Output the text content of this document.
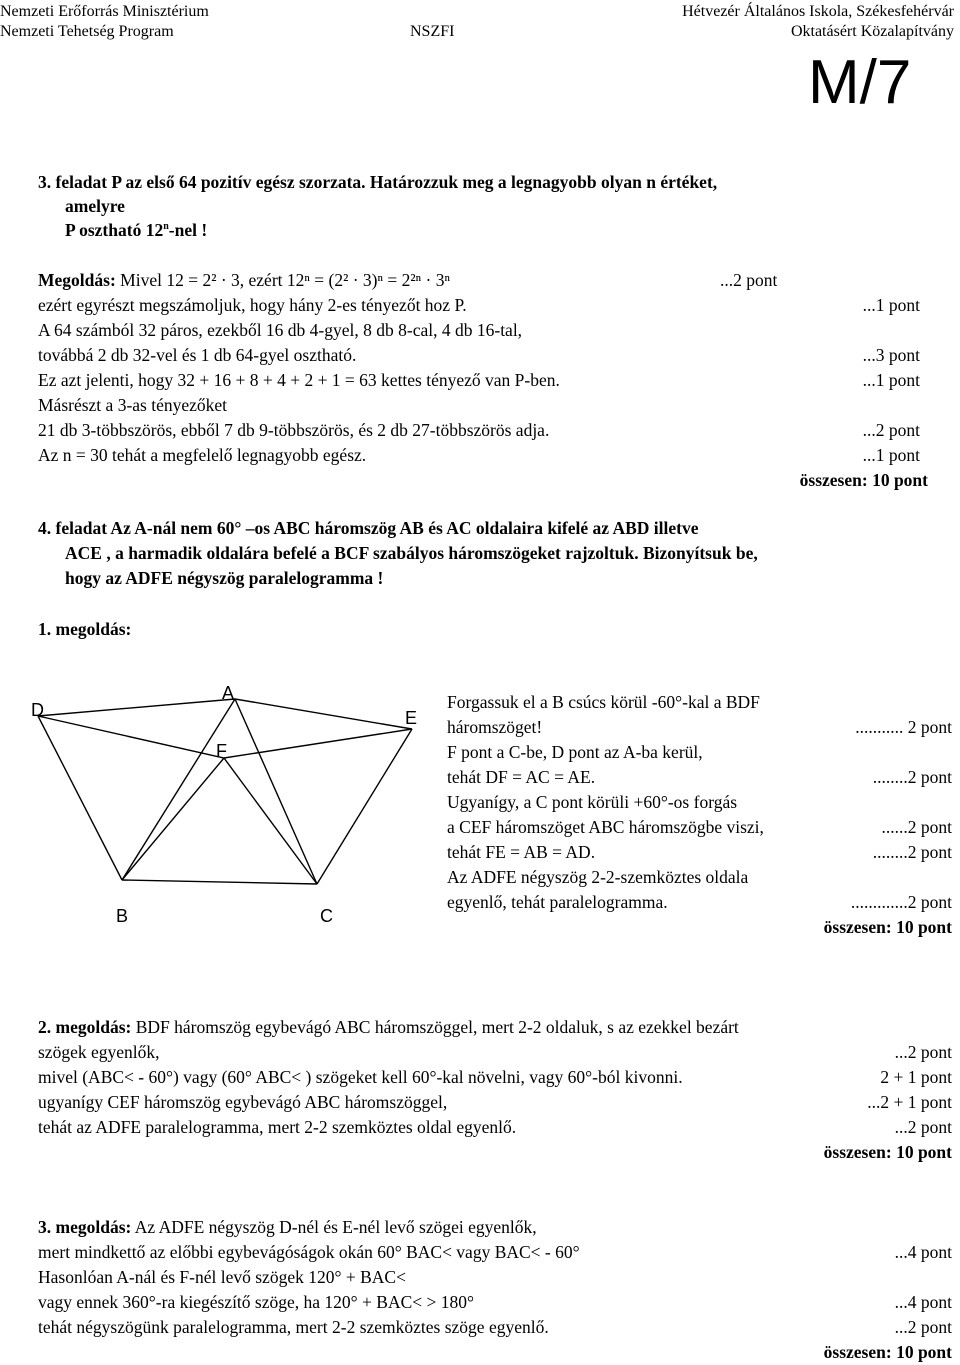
Nemzeti Erőforrás Minisztérium
Nemzeti Tehetség Program	NSZFI
Hétvezér Általános Iskola, Székesfehérvár
Oktatásért Közalapítvány
M/7
3. feladat P az első 64 pozitív egész szorzata. Határozzuk meg a legnagyobb olyan n értéket,
amelyre
P osztható 12$^n$-nel !
Megoldás: Mivel 12 = 2² · 3, ezért 12ⁿ = (2² · 3)ⁿ = 2²ⁿ · 3ⁿ	...2 pont
ezért egyrészt megszámoljuk, hogy hány 2-es tényezőt hoz P.	...1 pont
A 64 számból 32 páros, ezekből 16 db 4-gyel, 8 db 8-cal, 4 db 16-tal,
továbbá 2 db 32-vel és 1 db 64-gyel osztható.	...3 pont
Ez azt jelenti, hogy 32 + 16 + 8 + 4 + 2 + 1 = 63 kettes tényező van P-ben.	...1 pont
Másrészt a 3-as tényezőket
21 db 3-többszörös, ebből 7 db 9-többszörös, és 2 db 27-többszörös adja.	...2 pont
Az n = 30 tehát a megfelelő legnagyobb egész.	...1 pont
összesen: 10 pont
4. feladat Az A-nál nem 60° –os ABC háromszög AB és AC oldalaira kifelé az ABD illetve
ACE , a harmadik oldalára befelé a BCF szabályos háromszögeket rajzoltuk. Bizonyítsuk be,
hogy az ADFE négyszög paralelogramma !
1. megoldás:
D
A
E
F
B	C
Forgassuk el a B csúcs körül -60°-kal a BDF
háromszöget!	........... 2 pont
F pont a C-be, D pont az A-ba kerül,
tehát DF = AC = AE.	........2 pont
Ugyanígy, a C pont körüli +60°-os forgás
a CEF háromszöget ABC háromszögbe viszi,	......2 pont
tehát FE = AB = AD.	........2 pont
Az ADFE négyszög 2-2-szemköztes oldala
egyenlő, tehát paralelogramma.	.............2 pont
összesen: 10 pont
2. megoldás: BDF háromszög egybevágó ABC háromszöggel, mert 2-2 oldaluk, s az ezekkel bezárt
szögek egyenlők,	...2 pont
mivel (ABC< - 60°) vagy (60° ABC< ) szögeket kell 60°-kal növelni, vagy 60°-ból kivonni.	2 + 1 pont
ugyanígy CEF háromszög egybevágó ABC háromszöggel,	...2 + 1 pont
tehát az ADFE paralelogramma, mert 2-2 szemköztes oldal egyenlő.	...2 pont
összesen: 10 pont
3. megoldás: Az ADFE négyszög D-nél és E-nél levő szögei egyenlők,
mert mindkettő az előbbi egybevágóságok okán 60° BAC< vagy BAC< - 60°	...4 pont
Hasonlóan A-nál és F-nél levő szögek 120° + BAC<
vagy ennek 360°-ra kiegészítő szöge, ha 120° + BAC< > 180°	...4 pont
tehát négyszögünk paralelogramma, mert 2-2 szemköztes szöge egyenlő.	...2 pont
összesen: 10 pont
